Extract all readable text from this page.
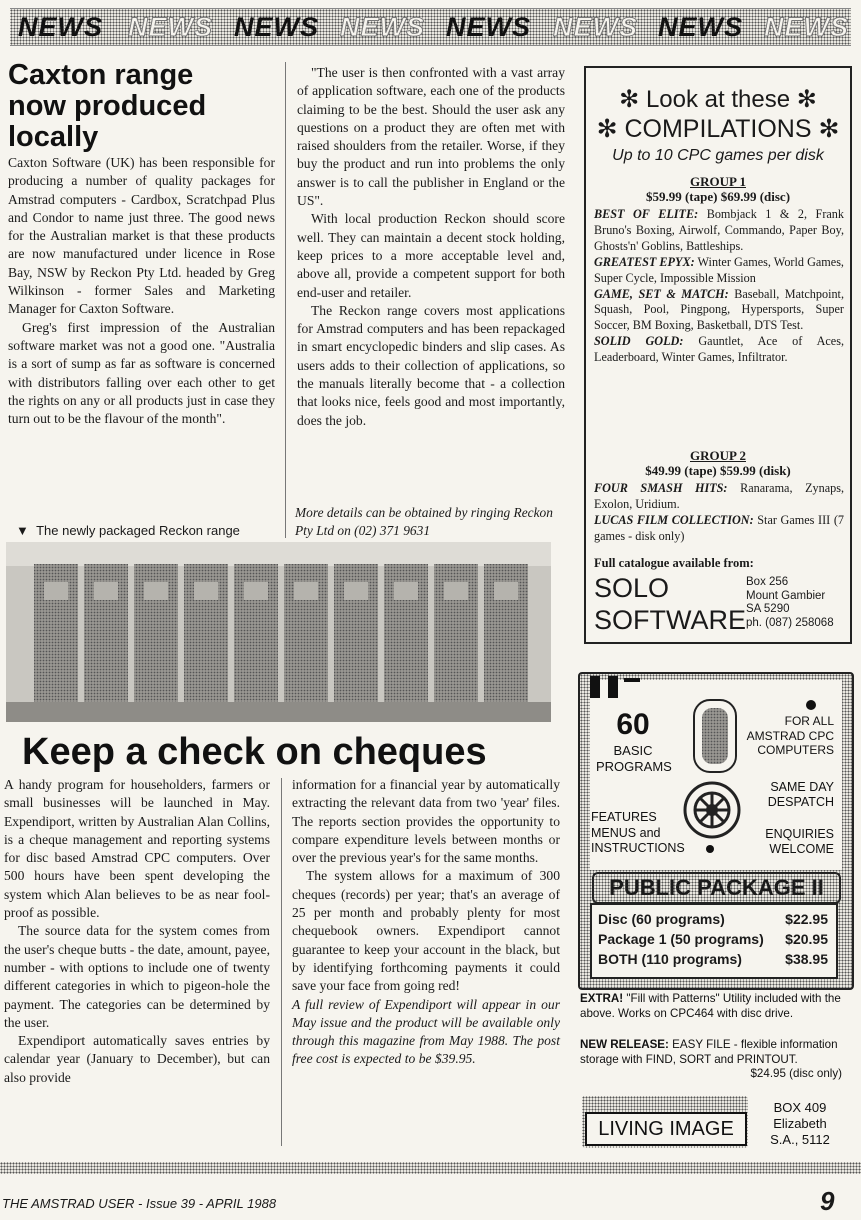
NEWS NEWS NEWS NEWS NEWS NEWS NEWS NEWS
Caxton range
now produced
locally

Caxton Software (UK) has been responsible for producing a number of quality packages for Amstrad computers - Cardbox, Scratchpad Plus and Condor to name just three. The good news for the Australian market is that these products are now manufactured under licence in Rose Bay, NSW by Reckon Pty Ltd. headed by Greg Wilkinson - former Sales and Marketing Manager for Caxton Software.

Greg's first impression of the Australian software market was not a good one. "Australia is a sort of sump as far as software is concerned with distributors falling over each other to get the rights on any or all products just in case they turn out to be the flavour of the month".

"The user is then confronted with a vast array of application software, each one of the products claiming to be the best. Should the user ask any questions on a product they are often met with raised shoulders from the retailer. Worse, if they buy the product and run into problems the only answer is to call the publisher in England or the US".

With local production Reckon should score well. They can maintain a decent stock holding, keep prices to a more acceptable level and, above all, provide a competent support for both end-user and retailer.

The Reckon range covers most applications for Amstrad computers and has been repackaged in smart encyclopedic binders and slip cases. As users adds to their collection of applications, so the manuals literally become that - a collection that looks nice, feels good and most importantly, does the job.

More details can be obtained by ringing Reckon Pty Ltd on (02) 371 9631
▼ The newly packaged Reckon range
Keep a check on cheques

A handy program for householders, farmers or small businesses will be launched in May. Expendiport, written by Australian Alan Collins, is a cheque management and reporting systems for disc based Amstrad CPC computers. Over 500 hours have been spent developing the system which Alan believes to be as near fool-proof as possible.

The source data for the system comes from the user's cheque butts - the date, amount, payee, number - with options to include one of twenty different categories in which to pigeon-hole the payment. The categories can be determined by the user.

Expendiport automatically saves entries by calendar year (January to December), but can also provide

information for a financial year by automatically extracting the relevant data from two 'year' files. The reports section provides the opportunity to compare expenditure levels between months or over the previous year's for the same months.

The system allows for a maximum of 300 cheques (records) per year; that's an average of 25 per month and probably plenty for most chequebook owners. Expendiport cannot guarantee to keep your account in the black, but by identifying forthcoming payments it could save your face from going red!

A full review of Expendiport will appear in our May issue and the product will be available only through this magazine from May 1988. The post free cost is expected to be $39.95.

✻ Look at these ✻
✻ COMPILATIONS ✻
Up to 10 CPC games per disk
GROUP 1
$59.99 (tape) $69.99 (disc)
BEST OF ELITE: Bombjack 1 & 2, Frank Bruno's Boxing, Airwolf, Commando, Paper Boy, Ghosts'n' Goblins, Battleships.
GREATEST EPYX: Winter Games, World Games, Super Cycle, Impossible Mission
GAME, SET & MATCH: Baseball, Matchpoint, Squash, Pool, Pingpong, Hypersports, Super Soccer, BM Boxing, Basketball, DTS Test.
SOLID GOLD: Gauntlet, Ace of Aces, Leaderboard, Winter Games, Infiltrator.
GROUP 2
$49.99 (tape) $59.99 (disk)
FOUR SMASH HITS: Ranarama, Zynaps, Exolon, Uridium.
LUCAS FILM COLLECTION: Star Games III (7 games - disk only)
Full catalogue available from:
SOLO
SOFTWARE
Box 256
Mount Gambier
SA 5290
ph. (087) 258068
60
BASIC
PROGRAMS
FOR ALL
AMSTRAD CPC
COMPUTERS
SAME DAY
DESPATCH
FEATURES
MENUS and
INSTRUCTIONS
ENQUIRIES
WELCOME
PUBLIC PACKAGE II
Disc (60 programs)	$22.95
Package 1 (50 programs) $20.95
BOTH (110 programs)	$38.95
EXTRA! "Fill with Patterns" Utility included with the above. Works on CPC464 with disc drive.
NEW RELEASE: EASY FILE - flexible information storage with FIND, SORT and PRINTOUT.
$24.95 (disc only)
LIVING IMAGE
BOX 409
Elizabeth
S.A., 5112
THE AMSTRAD USER - Issue 39 - APRIL 1988	9
